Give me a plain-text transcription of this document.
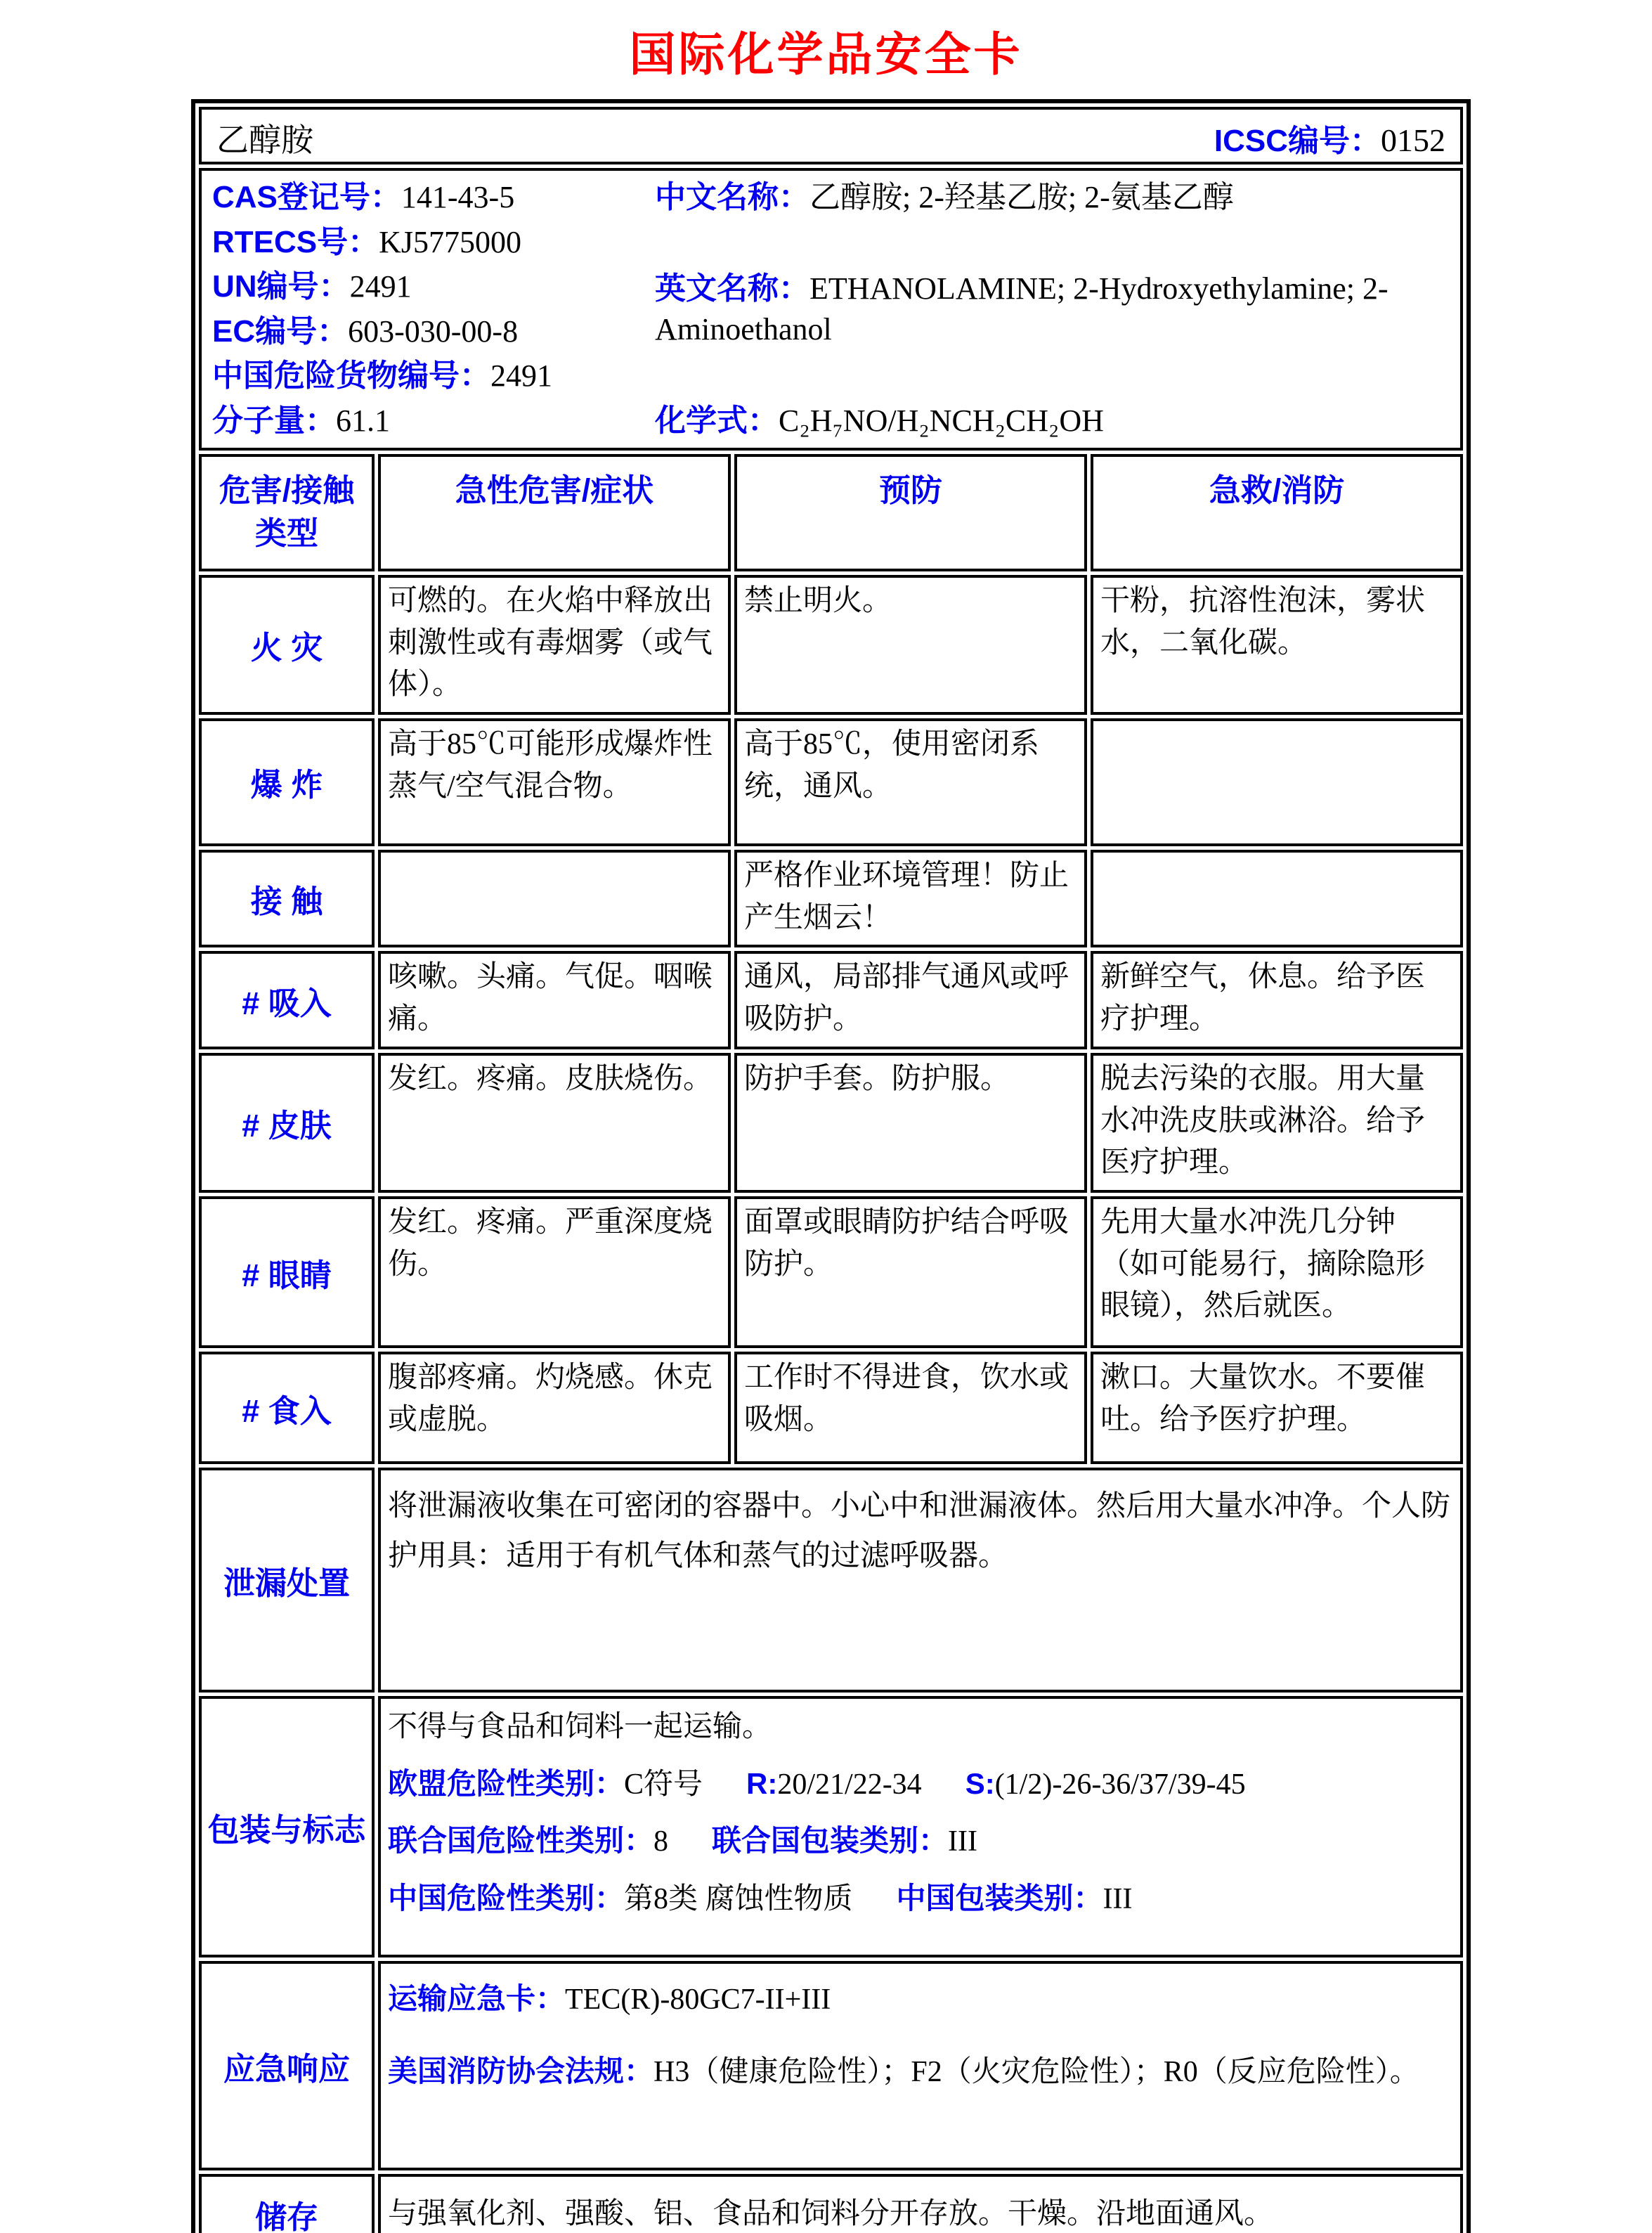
国际化学品安全卡
乙醇胺 ICSC编号：0152			

CAS登记号：141-43-5
RTECS号：KJ5775000
UN编号：2491
EC编号：603-030-00-8
中国危险货物编号：2491
分子量：61.1
中文名称：乙醇胺; 2-羟基乙胺; 2-氨基乙醇
英文名称：ETHANOLAMINE; 2-Hydroxyethylamine; 2-Aminoethanol
化学式：C₂H₇NO/H₂NCH₂CH₂OH

危害/接触 类型	急性危害/症状	预防	急救/消防
火 灾	可燃的。在火焰中释放出刺激性或有毒烟雾（或气体）。	禁止明火。	干粉，抗溶性泡沫，雾状水，二氧化碳。
爆 炸	高于85℃可能形成爆炸性蒸气/空气混合物。	高于85℃，使用密闭系统，通风。	
接 触		严格作业环境管理！防止产生烟云！	
# 吸入	咳嗽。头痛。气促。咽喉痛。	通风，局部排气通风或呼吸防护。	新鲜空气，休息。给予医疗护理。
# 皮肤	发红。疼痛。皮肤烧伤。	防护手套。防护服。	脱去污染的衣服。用大量水冲洗皮肤或淋浴。给予医疗护理。
# 眼睛	发红。疼痛。严重深度烧伤。	面罩或眼睛防护结合呼吸防护。	先用大量水冲洗几分钟（如可能易行，摘除隐形眼镜），然后就医。
# 食入	腹部疼痛。灼烧感。休克或虚脱。	工作时不得进食，饮水或吸烟。	漱口。大量饮水。不要催吐。给予医疗护理。
泄漏处置	将泄漏液收集在可密闭的容器中。小心中和泄漏液体。然后用大量水冲净。个人防护用具：适用于有机气体和蒸气的过滤呼吸器。		
包装与标志	不得与食品和饲料一起运输。

欧盟危险性类别：C符号 R:20/21/22-34 S:(1/2)-26-36/37/39-45

联合国危险性类别：8 联合国包装类别：III

中国危险性类别：第8类 腐蚀性物质 中国包装类别：III		

应急响应	运输应急卡：TEC(R)-80GC7-II+III

美国消防协会法规：H3（健康危险性）；F2（火灾危险性）；R0（反应危险性）。		

储存	与强氧化剂、强酸、铝、食品和饲料分开存放。干燥。沿地面通风。		
